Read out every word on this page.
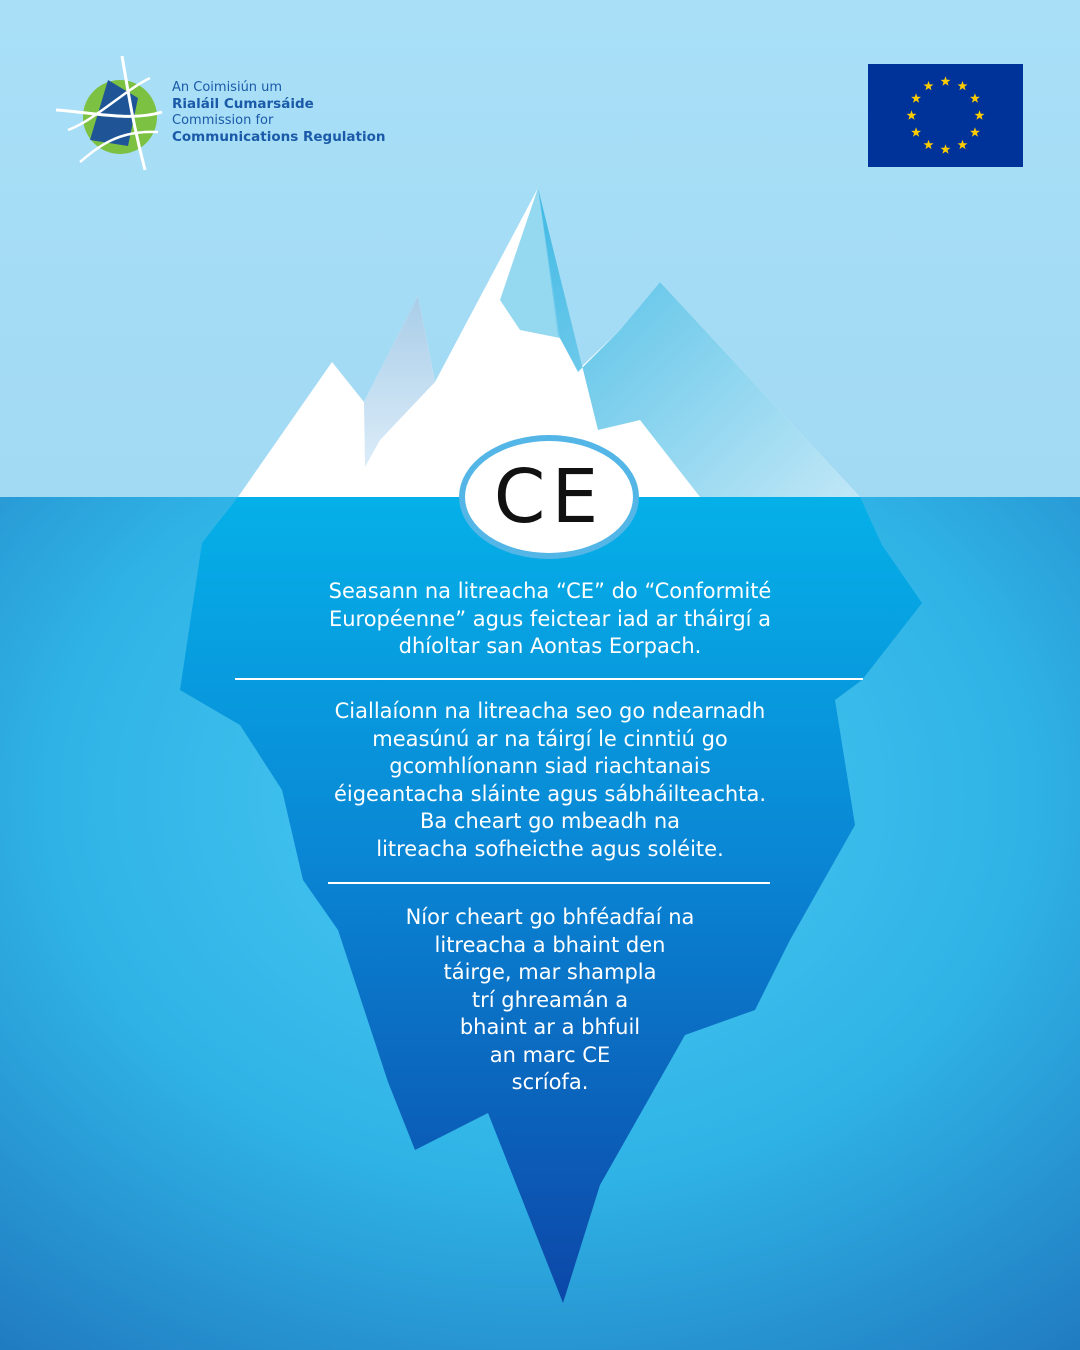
An Coimisiún um
Rialáil Cumarsáide
Commission for
Communications Regulation
CE
Seasann na litreacha “CE” do “Conformité
Européenne” agus feictear iad ar tháirgí a
dhíoltar san Aontas Eorpach.
Ciallaíonn na litreacha seo go ndearnadh
measúnú ar na táirgí le cinntiú go
gcomhlíonann siad riachtanais
éigeantacha sláinte agus sábháilteachta.
Ba cheart go mbeadh na
litreacha sofheicthe agus soléite.
Níor cheart go bhféadfaí na
litreacha a bhaint den
táirge, mar shampla
trí ghreamán a
bhaint ar a bhfuil
an marc CE
scríofa.
